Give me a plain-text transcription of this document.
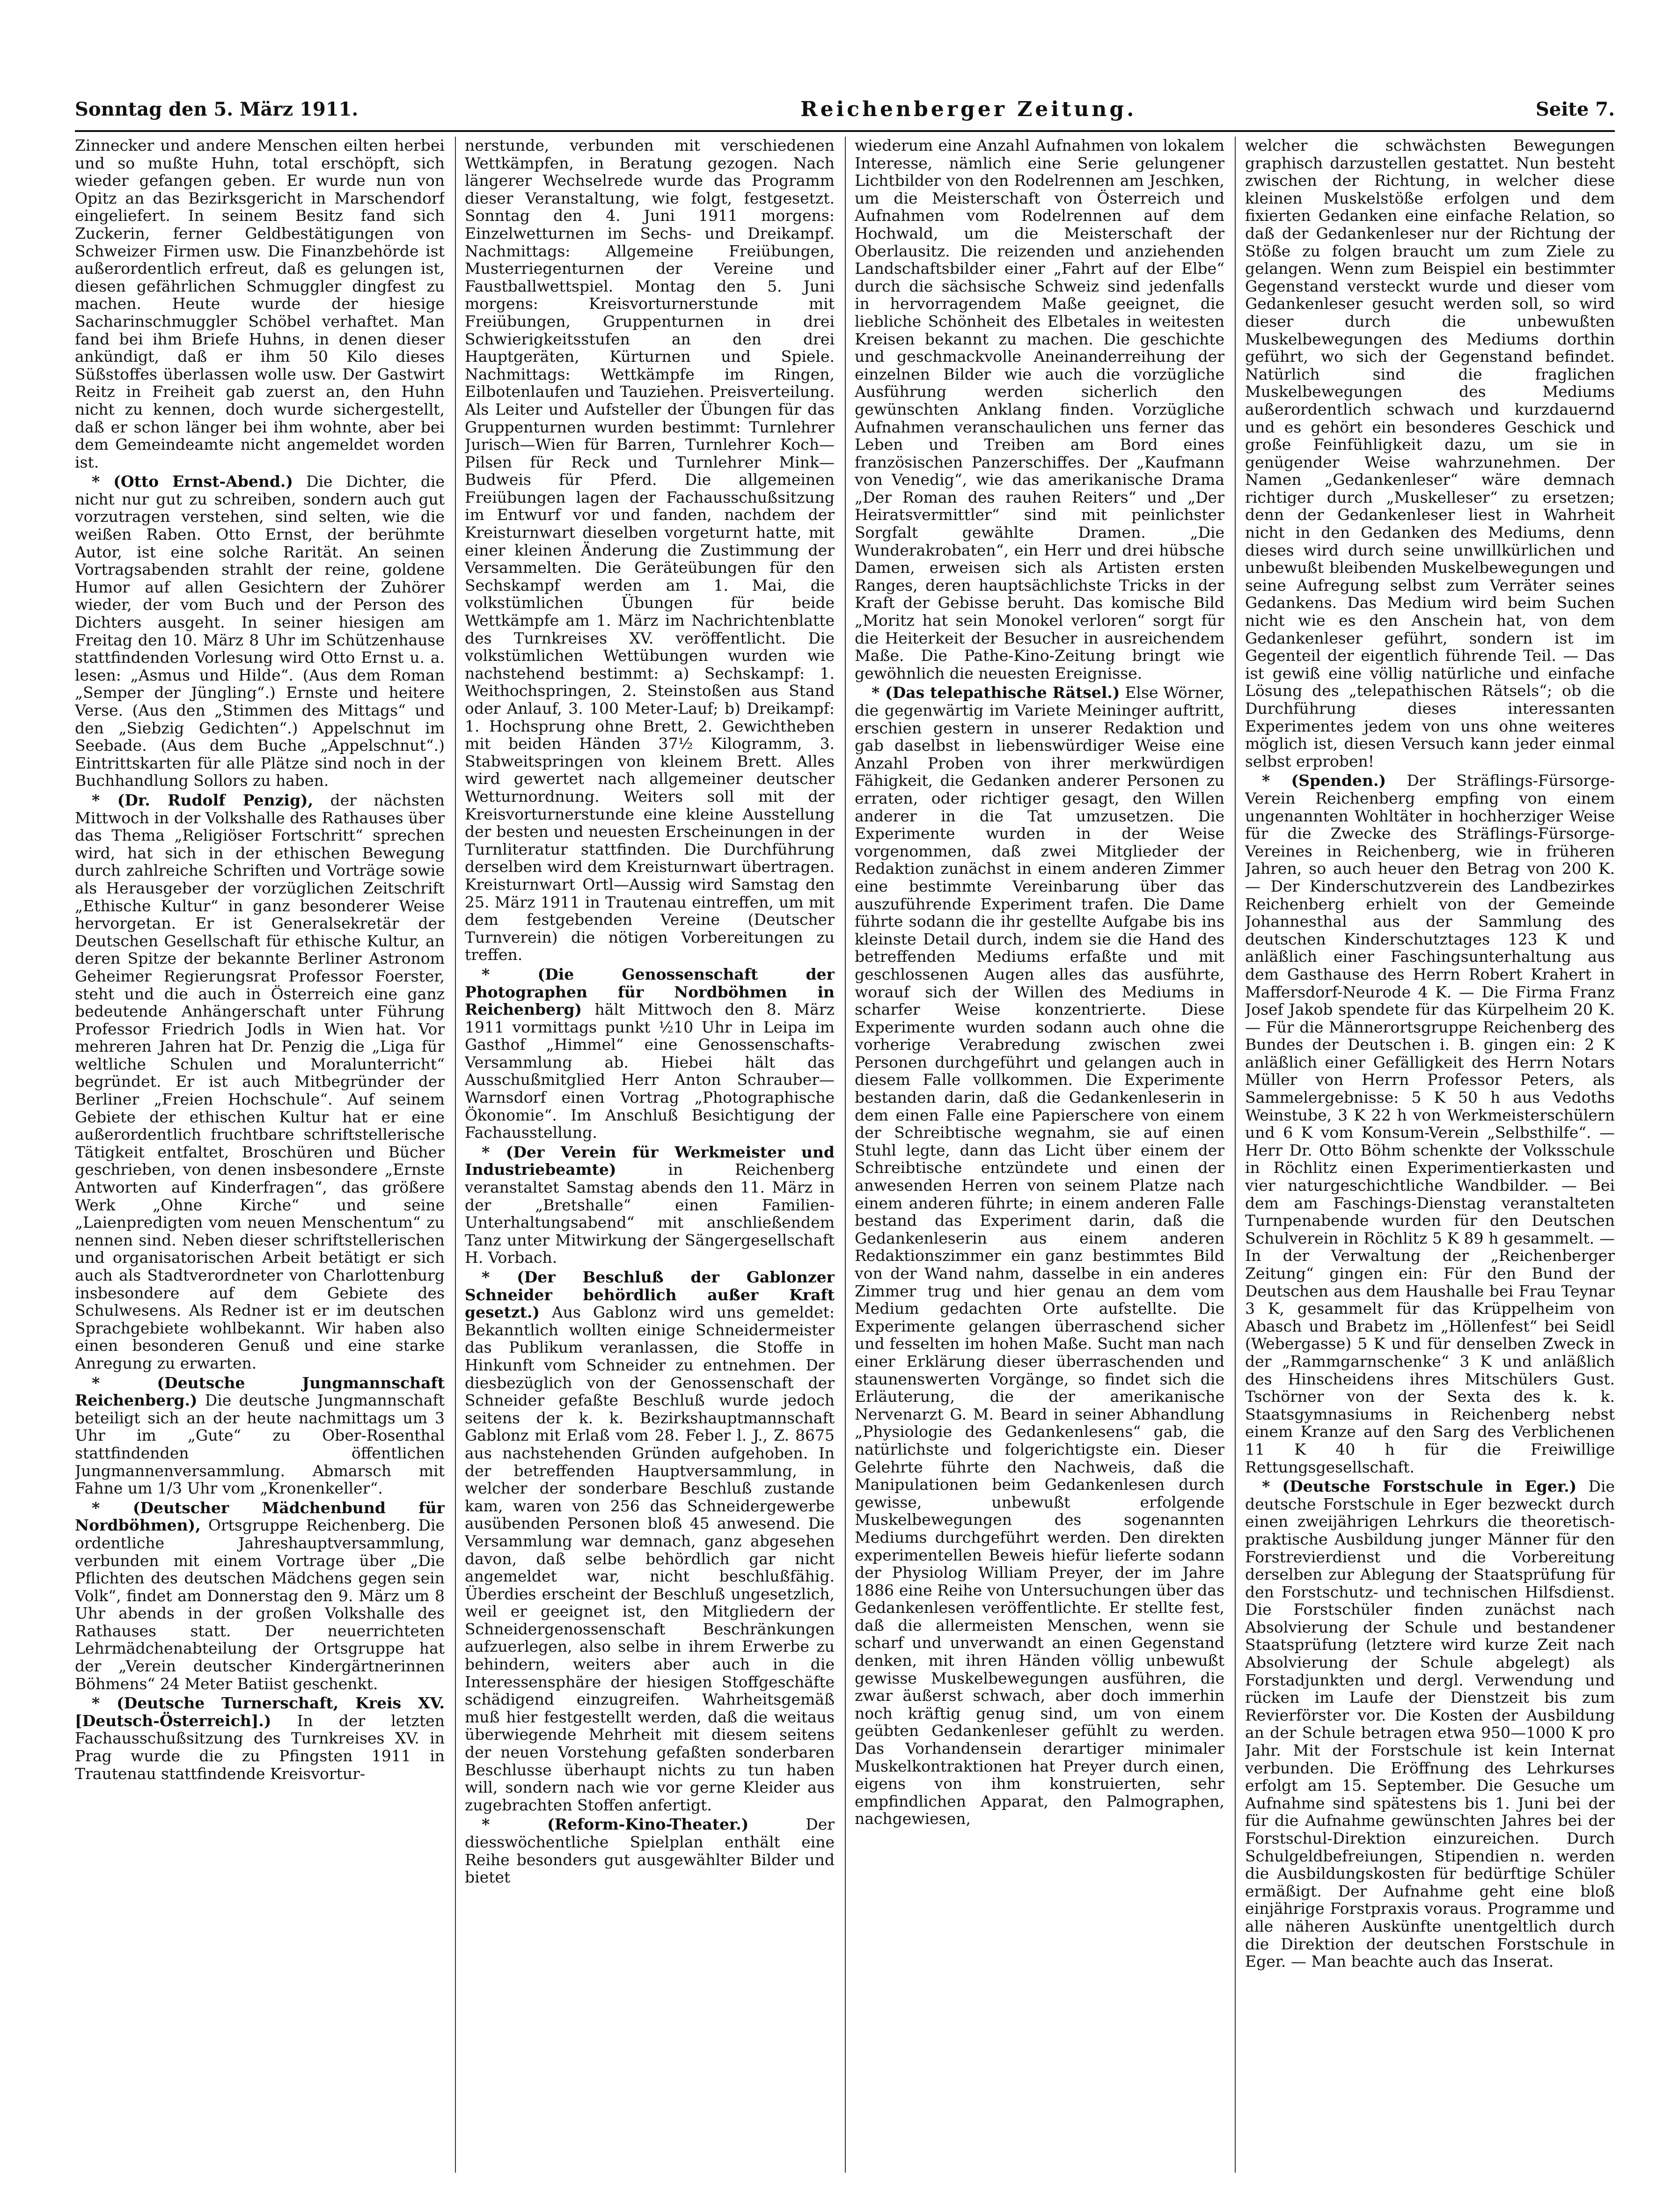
Sonntag den 5. März 1911.	Reichenberger Zeitung.	Seite 7.

Zinnecker und andere Menschen eilten herbei und so mußte Huhn, total erschöpft, sich wieder gefangen geben. Er wurde nun von Opitz an das Bezirksgericht in Marschendorf eingeliefert. In seinem Besitz fand sich Zuckerin, ferner Geldbestätigungen von Schweizer Firmen usw. Die Finanzbehörde ist außerordentlich erfreut, daß es gelungen ist, diesen gefährlichen Schmuggler dingfest zu machen. Heute wurde der hiesige Sacharinschmuggler Schöbel verhaftet. Man fand bei ihm Briefe Huhns, in denen dieser ankündigt, daß er ihm 50 Kilo dieses Süßstoffes überlassen wolle usw. Der Gastwirt Reitz in Freiheit gab zuerst an, den Huhn nicht zu kennen, doch wurde sichergestellt, daß er schon länger bei ihm wohnte, aber bei dem Gemeindeamte nicht angemeldet worden ist.

* (Otto Ernst-Abend.) Die Dichter, die nicht nur gut zu schreiben, sondern auch gut vorzutragen verstehen, sind selten, wie die weißen Raben. Otto Ernst, der berühmte Autor, ist eine solche Rarität. An seinen Vortragsabenden strahlt der reine, goldene Humor auf allen Gesichtern der Zuhörer wieder, der vom Buch und der Person des Dichters ausgeht. In seiner hiesigen am Freitag den 10. März 8 Uhr im Schützenhause stattfindenden Vorlesung wird Otto Ernst u. a. lesen: „Asmus und Hilde“. (Aus dem Roman „Semper der Jüngling“.) Ernste und heitere Verse. (Aus den „Stimmen des Mittags“ und den „Siebzig Gedichten“.) Appelschnut im Seebade. (Aus dem Buche „Appelschnut“.) Eintrittskarten für alle Plätze sind noch in der Buchhandlung Sollors zu haben.

* (Dr. Rudolf Penzig), der nächsten Mittwoch in der Volkshalle des Rathauses über das Thema „Religiöser Fortschritt“ sprechen wird, hat sich in der ethischen Bewegung durch zahlreiche Schriften und Vorträge sowie als Herausgeber der vorzüglichen Zeitschrift „Ethische Kultur“ in ganz besonderer Weise hervorgetan. Er ist Generalsekretär der Deutschen Gesellschaft für ethische Kultur, an deren Spitze der bekannte Berliner Astronom Geheimer Regierungsrat Professor Foerster, steht und die auch in Österreich eine ganz bedeutende Anhängerschaft unter Führung Professor Friedrich Jodls in Wien hat. Vor mehreren Jahren hat Dr. Penzig die „Liga für weltliche Schulen und Moralunterricht“ begründet. Er ist auch Mitbegründer der Berliner „Freien Hochschule“. Auf seinem Gebiete der ethischen Kultur hat er eine außerordentlich fruchtbare schriftstellerische Tätigkeit entfaltet, Broschüren und Bücher geschrieben, von denen insbesondere „Ernste Antworten auf Kinderfragen“, das größere Werk „Ohne Kirche“ und seine „Laienpredigten vom neuen Menschentum“ zu nennen sind. Neben dieser schriftstellerischen und organisatorischen Arbeit betätigt er sich auch als Stadtverordneter von Charlottenburg insbesondere auf dem Gebiete des Schulwesens. Als Redner ist er im deutschen Sprachgebiete wohlbekannt. Wir haben also einen besonderen Genuß und eine starke Anregung zu erwarten.

* (Deutsche Jungmannschaft Reichenberg.) Die deutsche Jungmannschaft beteiligt sich an der heute nachmittags um 3 Uhr im „Gute“ zu Ober-Rosenthal stattfindenden öffentlichen Jungmannenversammlung. Abmarsch mit Fahne um 1/3 Uhr vom „Kronenkeller“.

* (Deutscher Mädchenbund für Nordböhmen), Ortsgruppe Reichenberg. Die ordentliche Jahreshauptversammlung, verbunden mit einem Vortrage über „Die Pflichten des deutschen Mädchens gegen sein Volk“, findet am Donnerstag den 9. März um 8 Uhr abends in der großen Volkshalle des Rathauses statt. Der neuerrichteten Lehrmädchenabteilung der Ortsgruppe hat der „Verein deutscher Kindergärtnerinnen Böhmens“ 24 Meter Batiist geschenkt.

* (Deutsche Turnerschaft, Kreis XV. [Deutsch-Österreich].) In der letzten Fachausschußsitzung des Turnkreises XV. in Prag wurde die zu Pfingsten 1911 in Trautenau stattfindende Kreisvortur-

nerstunde, verbunden mit verschiedenen Wettkämpfen, in Beratung gezogen. Nach längerer Wechselrede wurde das Programm dieser Veranstaltung, wie folgt, festgesetzt. Sonntag den 4. Juni 1911 morgens: Einzelwetturnen im Sechs- und Dreikampf. Nachmittags: Allgemeine Freiübungen, Musterriegenturnen der Vereine und Faustballwettspiel. Montag den 5. Juni morgens: Kreisvorturnerstunde mit Freiübungen, Gruppenturnen in drei Schwierigkeitsstufen an den drei Hauptgeräten, Kürturnen und Spiele. Nachmittags: Wettkämpfe im Ringen, Eilbotenlaufen und Tauziehen. Preisverteilung. Als Leiter und Aufsteller der Übungen für das Gruppenturnen wurden bestimmt: Turnlehrer Jurisch—Wien für Barren, Turnlehrer Koch—Pilsen für Reck und Turnlehrer Mink—Budweis für Pferd. Die allgemeinen Freiübungen lagen der Fachausschußsitzung im Entwurf vor und fanden, nachdem der Kreisturnwart dieselben vorgeturnt hatte, mit einer kleinen Änderung die Zustimmung der Versammelten. Die Geräteübungen für den Sechskampf werden am 1. Mai, die volkstümlichen Übungen für beide Wettkämpfe am 1. März im Nachrichtenblatte des Turnkreises XV. veröffentlicht. Die volkstümlichen Wettübungen wurden wie nachstehend bestimmt: a) Sechskampf: 1. Weithochspringen, 2. Steinstoßen aus Stand oder Anlauf, 3. 100 Meter-Lauf; b) Dreikampf: 1. Hochsprung ohne Brett, 2. Gewichtheben mit beiden Händen 37½ Kilogramm, 3. Stabweitspringen von kleinem Brett. Alles wird gewertet nach allgemeiner deutscher Wetturnordnung. Weiters soll mit der Kreisvorturnerstunde eine kleine Ausstellung der besten und neuesten Erscheinungen in der Turnliteratur stattfinden. Die Durchführung derselben wird dem Kreisturnwart übertragen. Kreisturnwart Ortl—Aussig wird Samstag den 25. März 1911 in Trautenau eintreffen, um mit dem festgebenden Vereine (Deutscher Turnverein) die nötigen Vorbereitungen zu treffen.

* (Die Genossenschaft der Photographen für Nordböhmen in Reichenberg) hält Mittwoch den 8. März 1911 vormittags punkt ½10 Uhr in Leipa im Gasthof „Himmel“ eine Genossenschafts-Versammlung ab. Hiebei hält das Ausschußmitglied Herr Anton Schrauber—Warnsdorf einen Vortrag „Photographische Ökonomie“. Im Anschluß Besichtigung der Fachausstellung.

* (Der Verein für Werkmeister und Industriebeamte)	in Reichenberg veranstaltet Samstag abends den 11. März in der „Bretshalle“ einen Familien-Unterhaltungsabend“ mit anschließendem Tanz unter Mitwirkung der Sängergesellschaft H. Vorbach.

* (Der Beschluß der Gablonzer Schneider behördlich außer Kraft gesetzt.) Aus Gablonz wird uns gemeldet: Bekanntlich wollten einige Schneidermeister das Publikum veranlassen, die Stoffe in Hinkunft vom Schneider zu entnehmen. Der diesbezüglich von der Genossenschaft der Schneider gefaßte Beschluß wurde jedoch seitens der k. k. Bezirkshauptmannschaft Gablonz mit Erlaß vom 28. Feber l. J., Z. 8675 aus nachstehenden Gründen aufgehoben. In der betreffenden Hauptversammlung, in welcher der sonderbare Beschluß zustande kam, waren von 256 das Schneidergewerbe ausübenden Personen bloß 45 anwesend. Die Versammlung war demnach, ganz abgesehen davon, daß selbe behördlich gar nicht angemeldet war, nicht beschlußfähig. Überdies erscheint der Beschluß ungesetzlich, weil er geeignet ist, den Mitgliedern der Schneidergenossenschaft Beschränkungen aufzuerlegen, also selbe in ihrem Erwerbe zu behindern, weiters aber auch in die Interessensphäre der hiesigen Stoffgeschäfte schädigend einzugreifen. Wahrheitsgemäß muß hier festgestellt werden, daß die weitaus überwiegende Mehrheit mit diesem seitens der neuen Vorstehung gefaßten sonderbaren Beschlusse überhaupt nichts zu tun haben will, sondern nach wie vor gerne Kleider aus zugebrachten Stoffen anfertigt.

* (Reform-Kino-Theater.)	Der diesswöchentliche Spielplan enthält eine Reihe besonders gut ausgewählter Bilder und bietet

wiederum eine Anzahl Aufnahmen von lokalem Interesse, nämlich eine Serie gelungener Lichtbilder von den Rodelrennen am Jeschken, um die Meisterschaft von Österreich und Aufnahmen vom Rodelrennen auf dem Hochwald, um die Meisterschaft der Oberlausitz. Die reizenden und anziehenden Landschaftsbilder einer „Fahrt auf der Elbe“ durch die sächsische Schweiz sind jedenfalls in hervorragendem Maße geeignet, die liebliche Schönheit des Elbetales in weitesten Kreisen bekannt zu machen. Die geschichte und geschmackvolle Aneinanderreihung der einzelnen Bilder wie auch die vorzügliche Ausführung werden sicherlich den gewünschten Anklang finden. Vorzügliche Aufnahmen veranschaulichen uns ferner das Leben und Treiben am Bord eines französischen Panzerschiffes. Der „Kaufmann von Venedig“, wie das amerikanische Drama „Der Roman des rauhen Reiters“ und „Der Heiratsvermittler“ sind mit peinlichster Sorgfalt gewählte Dramen. „Die Wunderakrobaten“, ein Herr und drei hübsche Damen, erweisen sich als Artisten ersten Ranges, deren hauptsächlichste Tricks in der Kraft der Gebisse beruht. Das komische Bild „Moritz hat sein Monokel verloren“ sorgt für die Heiterkeit der Besucher in ausreichendem Maße. Die Pathe-Kino-Zeitung bringt wie gewöhnlich die neuesten Ereignisse.

* (Das telepathische Rätsel.) Else Wörner, die gegenwärtig im Variete Meininger auftritt, erschien gestern in unserer Redaktion und gab daselbst in liebenswürdiger Weise eine Anzahl Proben von ihrer merkwürdigen Fähigkeit, die Gedanken anderer Personen zu erraten, oder richtiger gesagt, den Willen anderer in die Tat umzusetzen. Die Experimente wurden in der Weise vorgenommen, daß zwei Mitglieder der Redaktion zunächst in einem anderen Zimmer eine bestimmte Vereinbarung über das auszuführende Experiment trafen. Die Dame führte sodann die ihr gestellte Aufgabe bis ins kleinste Detail durch, indem sie die Hand des betreffenden Mediums erfaßte und mit geschlossenen Augen alles das ausführte, worauf sich der Willen des Mediums in scharfer Weise konzentrierte. Diese Experimente wurden sodann auch ohne die vorherige Verabredung zwischen zwei Personen durchgeführt und gelangen auch in diesem Falle vollkommen. Die Experimente bestanden darin, daß die Gedankenleserin in dem einen Falle eine Papierschere von einem der Schreibtische wegnahm, sie auf einen Stuhl legte, dann das Licht über einem der Schreibtische entzündete und einen der anwesenden Herren von seinem Platze nach einem anderen führte; in einem anderen Falle bestand das Experiment darin, daß die Gedankenleserin aus einem anderen Redaktionszimmer ein ganz bestimmtes Bild von der Wand nahm, dasselbe in ein anderes Zimmer trug und hier genau an dem vom Medium gedachten Orte aufstellte. Die Experimente gelangen überraschend sicher und fesselten im hohen Maße. Sucht man nach einer Erklärung dieser überraschenden und staunenswerten Vorgänge, so findet sich die Erläuterung, die der amerikanische Nervenarzt G. M. Beard in seiner Abhandlung „Physiologie des Gedankenlesens“ gab, die natürlichste und folgerichtigste ein. Dieser Gelehrte führte den Nachweis, daß die Manipulationen beim Gedankenlesen durch gewisse, unbewußt erfolgende Muskelbewegungen des sogenannten Mediums durchgeführt werden. Den direkten experimentellen Beweis hiefür lieferte sodann der Physiolog William Preyer, der im Jahre 1886 eine Reihe von Untersuchungen über das Gedankenlesen veröffentlichte. Er stellte fest, daß die allermeisten Menschen, wenn sie scharf und unverwandt an einen Gegenstand denken, mit ihren Händen völlig unbewußt gewisse Muskelbewegungen ausführen, die zwar äußerst schwach, aber doch immerhin noch kräftig genug sind, um von einem geübten Gedankenleser gefühlt zu werden. Das Vorhandensein derartiger minimaler Muskelkontraktionen hat Preyer durch einen, eigens von ihm konstruierten, sehr empfindlichen Apparat, den Palmographen, nachgewiesen,

welcher die schwächsten Bewegungen graphisch darzustellen gestattet. Nun besteht zwischen der Richtung, in welcher diese kleinen Muskelstöße erfolgen und dem fixierten Gedanken eine einfache Relation, so daß der Gedankenleser nur der Richtung der Stöße zu folgen braucht um zum Ziele zu gelangen. Wenn zum Beispiel ein bestimmter Gegenstand versteckt wurde und dieser vom Gedankenleser gesucht werden soll, so wird dieser durch die unbewußten Muskelbewegungen des Mediums dorthin geführt, wo sich der Gegenstand befindet. Natürlich sind die fraglichen Muskelbewegungen des Mediums außerordentlich schwach und kurzdauernd und es gehört ein besonderes Geschick und große Feinfühligkeit dazu, um sie in genügender Weise wahrzunehmen. Der Namen „Gedankenleser“ wäre demnach richtiger durch „Muskelleser“ zu ersetzen; denn der Gedankenleser liest in Wahrheit nicht in den Gedanken des Mediums, denn dieses wird durch seine unwillkürlichen und unbewußt bleibenden Muskelbewegungen und seine Aufregung selbst zum Verräter seines Gedankens. Das Medium wird beim Suchen nicht wie es den Anschein hat, von dem Gedankenleser geführt, sondern ist im Gegenteil der eigentlich führende Teil. — Das ist gewiß eine völlig natürliche und einfache Lösung des „telepathischen Rätsels“; ob die Durchführung dieses interessanten Experimentes jedem von uns ohne weiteres möglich ist, diesen Versuch kann jeder einmal selbst erproben!

* (Spenden.) Der Sträflings-Fürsorge-Verein Reichenberg empfing von einem ungenannten Wohltäter in hochherziger Weise für die Zwecke des Sträflings-Fürsorge-Vereines in Reichenberg, wie in früheren Jahren, so auch heuer den Betrag von 200 K. — Der Kinderschutzverein des Landbezirkes Reichenberg erhielt von der Gemeinde Johannesthal aus der Sammlung des deutschen Kinderschutztages 123 K und anläßlich einer Faschingsunterhaltung aus dem Gasthause des Herrn Robert Krahert in Maffersdorf-Neurode 4 K. — Die Firma Franz Josef Jakob spendete für das Kürpelheim 20 K. — Für die Männerortsgruppe Reichenberg des Bundes der Deutschen i. B. gingen ein: 2 K anläßlich einer Gefälligkeit des Herrn Notars Müller von Herrn Professor Peters, als Sammelergebnisse: 5 K 50 h aus Vedoths Weinstube, 3 K 22 h von Werkmeisterschülern und 6 K vom Konsum-Verein „Selbsthilfe“. — Herr Dr. Otto Böhm schenkte der Volksschule in Röchlitz einen Experimentierkasten und vier naturgeschichtliche Wandbilder. — Bei dem am Faschings-Dienstag veranstalteten Turnpenabende wurden für den Deutschen Schulverein in Röchlitz 5 K 89 h gesammelt. — In der Verwaltung der „Reichenberger Zeitung“ gingen ein: Für den Bund der Deutschen aus dem Haushalle bei Frau Teynar 3 K, gesammelt für das Krüppelheim von Abasch und Brabetz im „Höllenfest“ bei Seidl (Webergasse) 5 K und für denselben Zweck in der „Rammgarnschenke“ 3 K und anläßlich des Hinscheidens ihres Mitschülers Gust. Tschörner von der Sexta des k. k. Staatsgymnasiums in Reichenberg nebst einem Kranze auf den Sarg des Verblichenen 11 K 40 h für die Freiwillige Rettungsgesellschaft.

* (Deutsche Forstschule in Eger.) Die deutsche Forstschule in Eger bezweckt durch einen zweijährigen Lehrkurs die theoretisch-praktische Ausbildung junger Männer für den Forstrevierdienst und die Vorbereitung derselben zur Ablegung der Staatsprüfung für den Forstschutz- und technischen Hilfsdienst. Die Forstschüler finden zunächst nach Absolvierung der Schule und bestandener Staatsprüfung (letztere wird kurze Zeit nach Absolvierung der Schule abgelegt) als Forstadjunkten und dergl. Verwendung und rücken im Laufe der Dienstzeit bis zum Revierförster vor. Die Kosten der Ausbildung an der Schule betragen etwa 950—1000 K pro Jahr. Mit der Forstschule ist kein Internat verbunden. Die Eröffnung des Lehrkurses erfolgt am 15. September. Die Gesuche um Aufnahme sind spätestens bis 1. Juni bei der für die Aufnahme gewünschten Jahres bei der Forstschul-Direktion einzureichen. Durch Schulgeldbefreiungen, Stipendien n. werden die Ausbildungskosten für bedürftige Schüler ermäßigt. Der Aufnahme geht eine bloß einjährige Forstpraxis voraus. Programme und alle näheren Auskünfte unentgeltlich durch die Direktion der deutschen Forstschule in Eger. — Man beachte auch das Inserat.
